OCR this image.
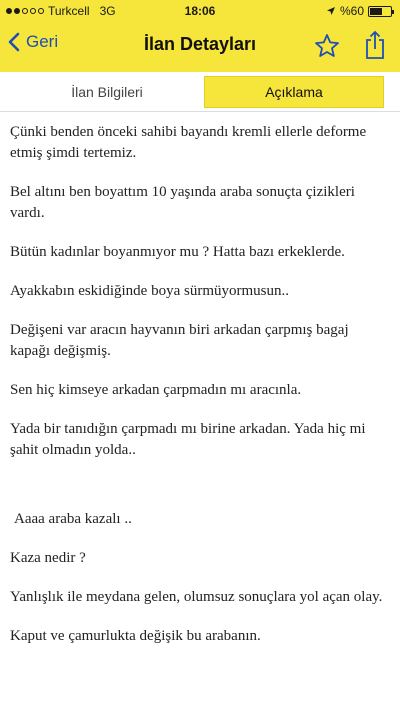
Turkcell 3G	18:06	%60
Geri	İlan Detayları
İlan Bilgileri	Açıklama

Çünki benden önceki sahibi bayandı kremli ellerle deforme etmiş şimdi tertemiz.

Bel altını ben boyattım 10 yaşında araba sonuçta çizikleri vardı.

Bütün kadınlar boyanmıyor mu ? Hatta bazı erkeklerde.

Ayakkabın eskidiğinde boya sürmüyormusun..

Değişeni var aracın hayvanın biri arkadan çarpmış bagaj kapağı değişmiş.

Sen hiç kimseye arkadan çarpmadın mı aracınla.

Yada bir tanıdığın çarpmadı mı birine arkadan. Yada hiç mi şahit olmadın yolda..

Aaaa araba kazalı ..

Kaza nedir ?

Yanlışlık ile meydana gelen, olumsuz sonuçlara yol açan olay.

Kaput ve çamurlukta değişik bu arabanın.
